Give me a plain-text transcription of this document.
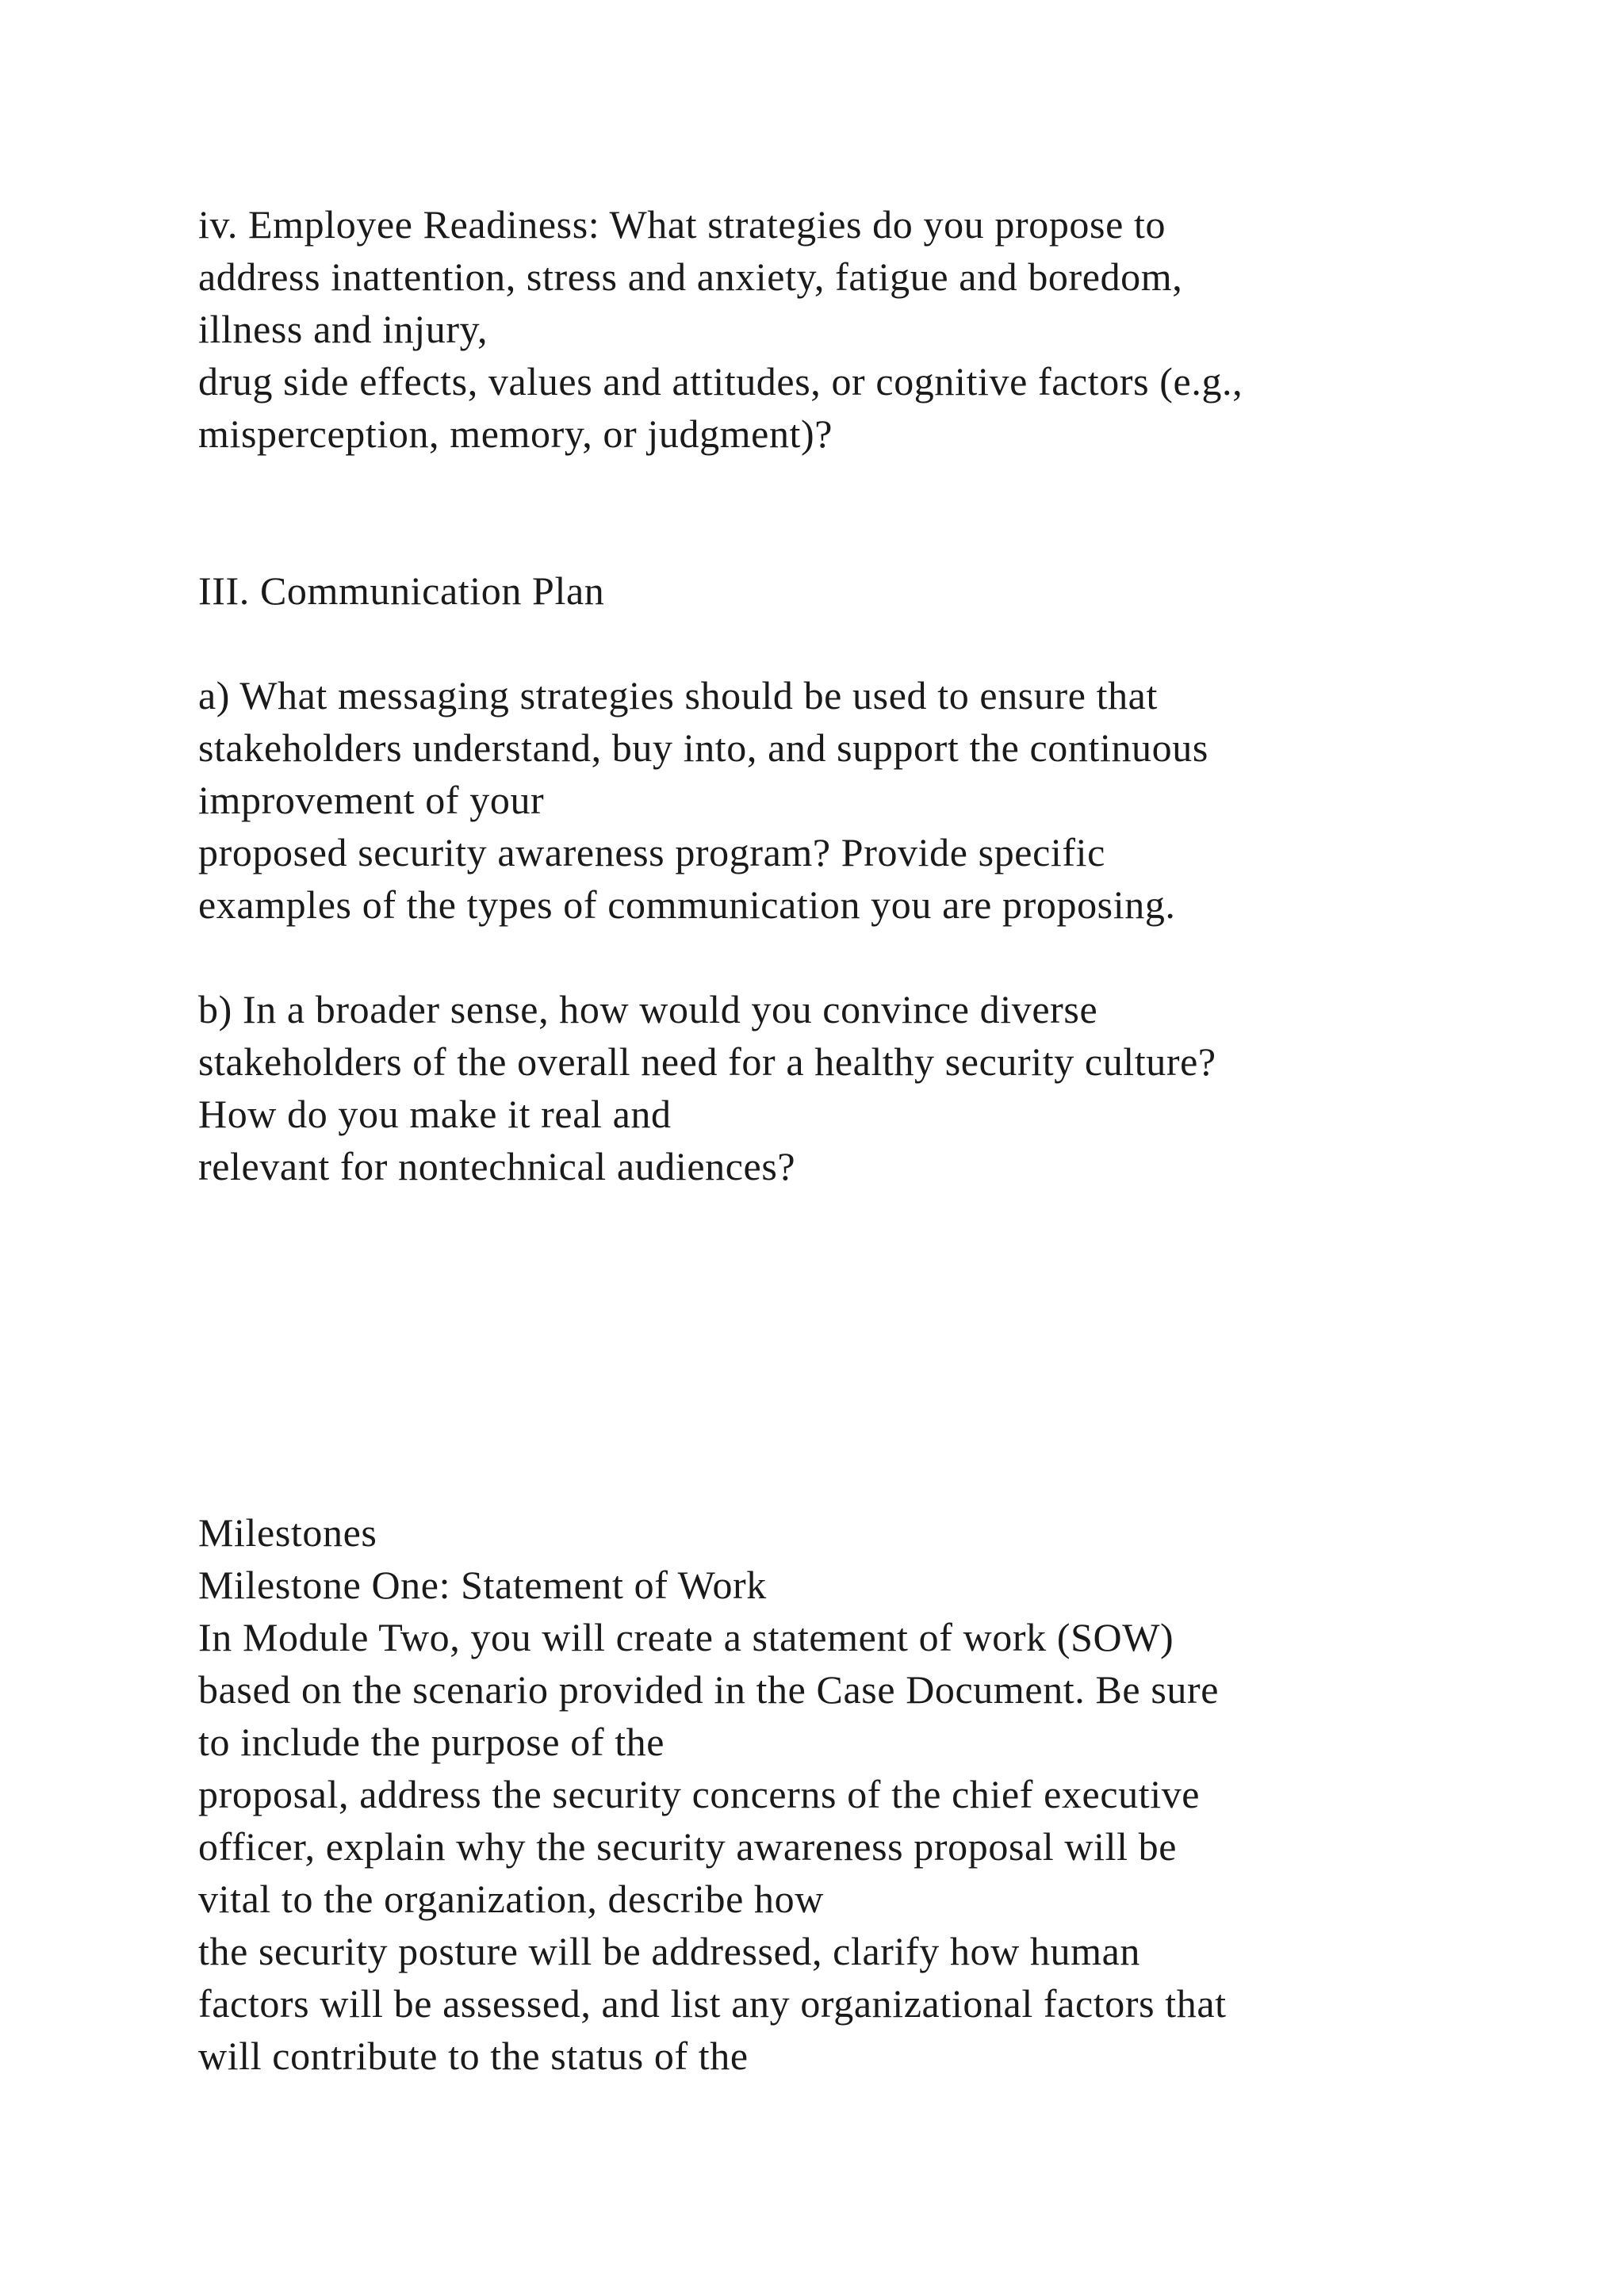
iv. Employee Readiness: What strategies do you propose to

address inattention, stress and anxiety, fatigue and boredom,

illness and injury,

drug side effects, values and attitudes, or cognitive factors (e.g.,

misperception, memory, or judgment)?

III. Communication Plan

a) What messaging strategies should be used to ensure that

stakeholders understand, buy into, and support the continuous

improvement of your

proposed security awareness program? Provide specific

examples of the types of communication you are proposing.

b) In a broader sense, how would you convince diverse

stakeholders of the overall need for a healthy security culture?

How do you make it real and

relevant for nontechnical audiences?

Milestones

Milestone One: Statement of Work

In Module Two, you will create a statement of work (SOW)

based on the scenario provided in the Case Document. Be sure

to include the purpose of the

proposal, address the security concerns of the chief executive

officer, explain why the security awareness proposal will be

vital to the organization, describe how

the security posture will be addressed, clarify how human

factors will be assessed, and list any organizational factors that

will contribute to the status of the
